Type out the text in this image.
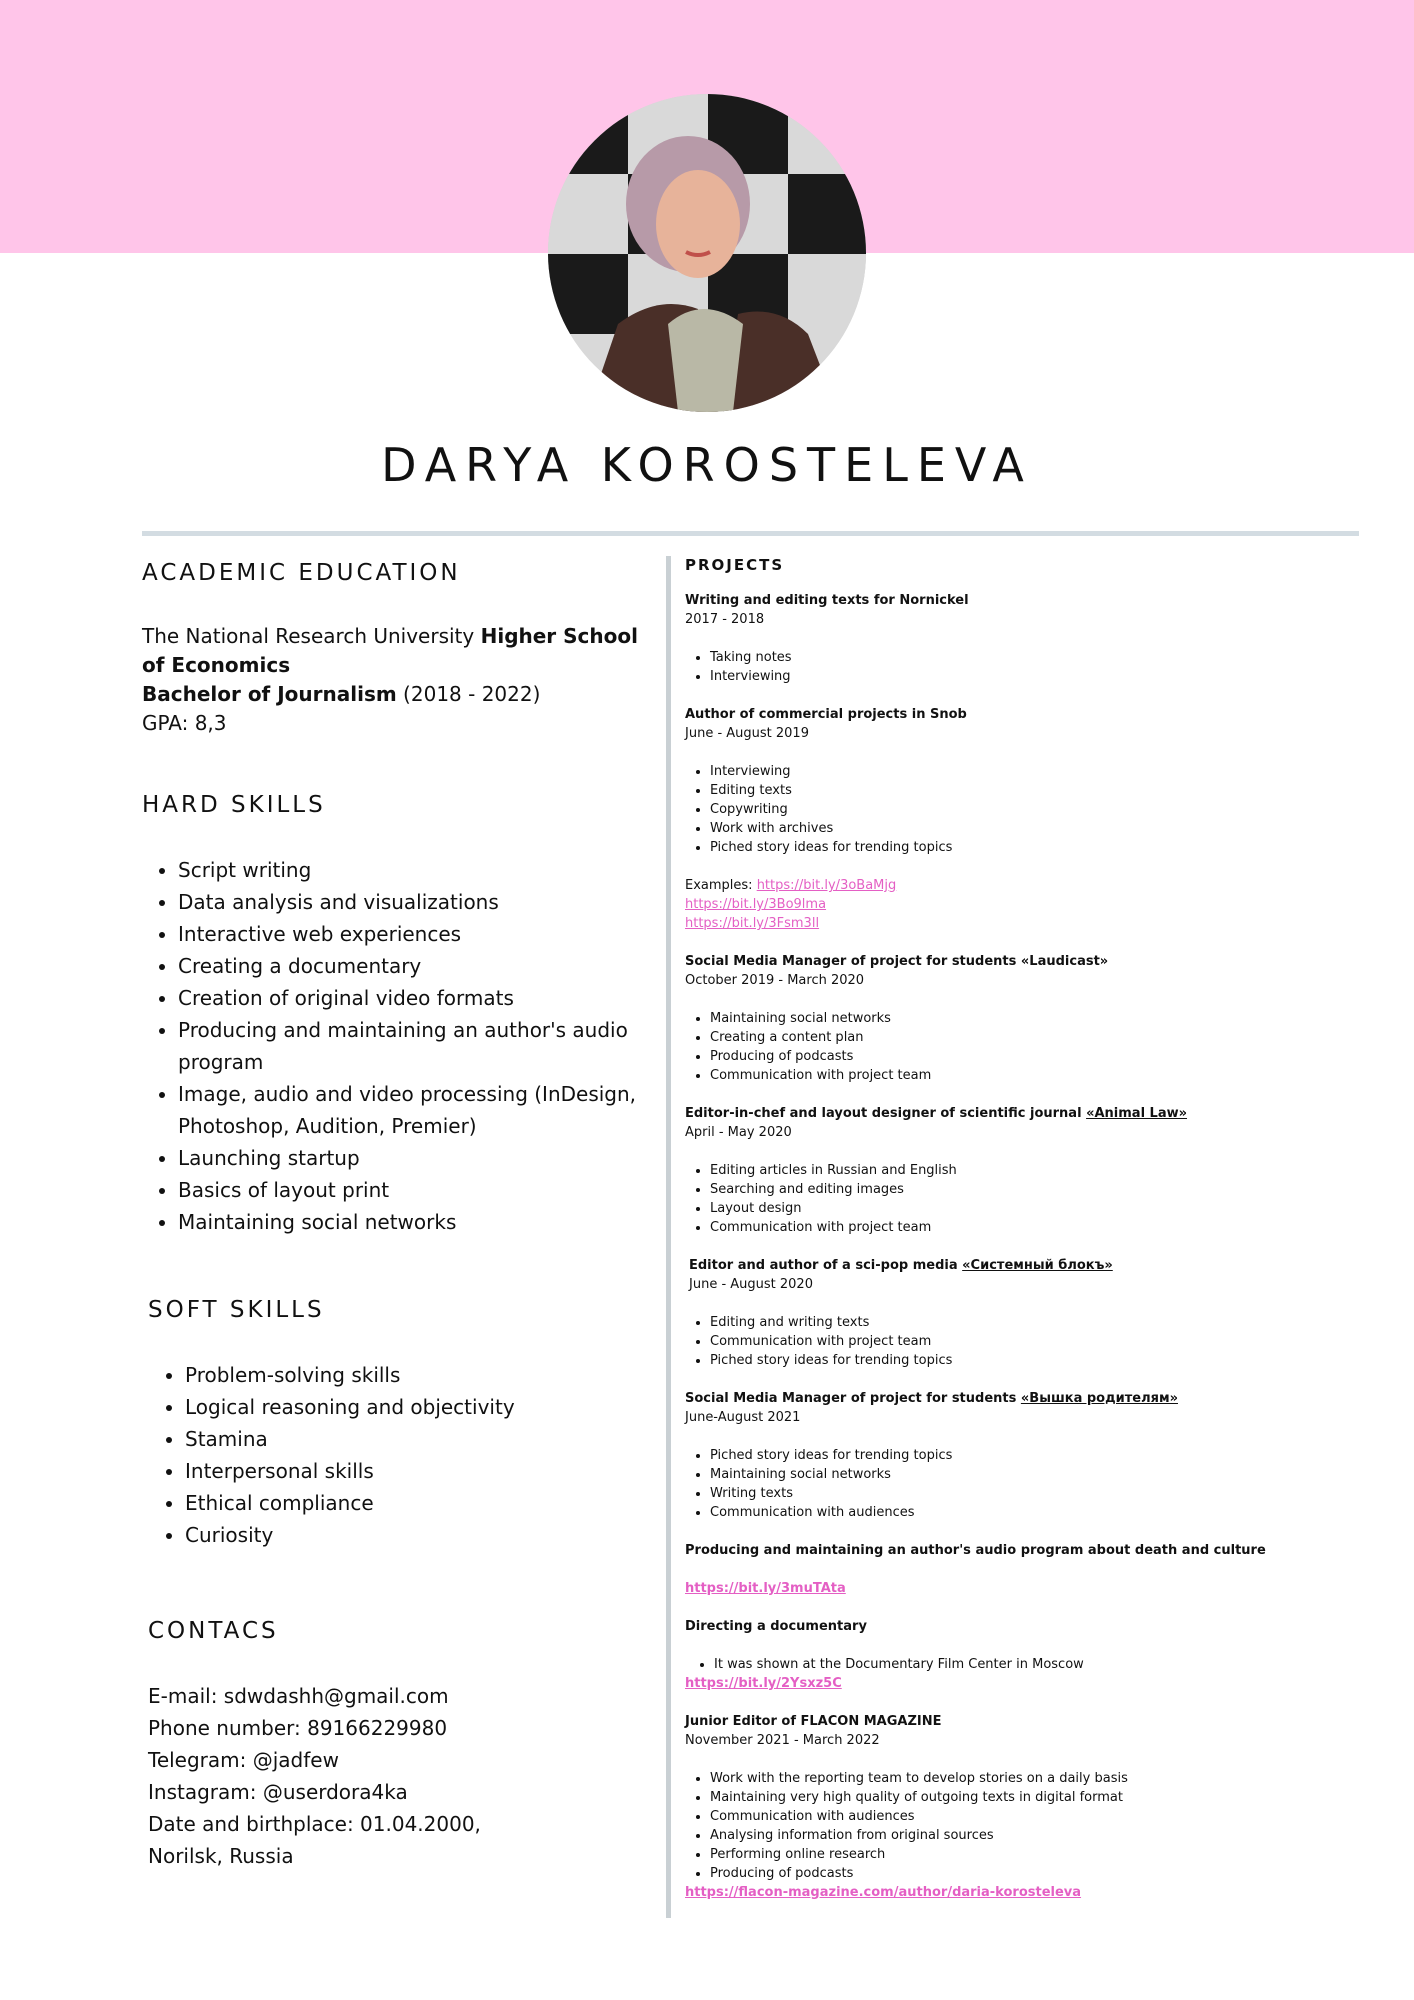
DARYA KOROSTELEVA
ACADEMIC EDUCATION
The National Research University Higher School of Economics
Bachelor of Journalism (2018 - 2022)
GPA: 8,3
HARD SKILLS
• Script writing
• Data analysis and visualizations
• Interactive web experiences
• Creating a documentary
• Creation of original video formats
• Producing and maintaining an author's audio program
• Image, audio and video processing (InDesign, Photoshop, Audition, Premier)
• Launching startup
• Basics of layout print
• Maintaining social networks
SOFT SKILLS
• Problem-solving skills
• Logical reasoning and objectivity
• Stamina
• Interpersonal skills
• Ethical compliance
• Curiosity
CONTACS
E-mail: sdwdashh@gmail.com
Phone number: 89166229980
Telegram: @jadfew
Instagram: @userdora4ka
Date and birthplace: 01.04.2000,
Norilsk, Russia
PROJECTS
Writing and editing texts for Nornickel
2017 - 2018
• Taking notes
• Interviewing
Author of commercial projects in Snob
June - August 2019
• Interviewing
• Editing texts
• Copywriting
• Work with archives
• Piched story ideas for trending topics
Examples: https://bit.ly/3oBaMjg
https://bit.ly/3Bo9lma
https://bit.ly/3Fsm3ll
Social Media Manager of project for students «Laudicast»
October 2019 - March 2020
• Maintaining social networks
• Creating a content plan
• Producing of podcasts
• Communication with project team
Editor-in-chef and layout designer of scientific journal «Animal Law»
April - May 2020
• Editing articles in Russian and English
• Searching and editing images
• Layout design
• Communication with project team
Editor and author of a sci-pop media «Системный блокъ»
June - August 2020
• Editing and writing texts
• Communication with project team
• Piched story ideas for trending topics
Social Media Manager of project for students «Вышка родителям»
June-August 2021
• Piched story ideas for trending topics
• Maintaining social networks
• Writing texts
• Communication with audiences
Producing and maintaining an author's audio program about death and culture
https://bit.ly/3muTAta
Directing a documentary
• It was shown at the Documentary Film Center in Moscow
https://bit.ly/2Ysxz5C
Junior Editor of FLACON MAGAZINE
November 2021 - March 2022
• Work with the reporting team to develop stories on a daily basis
• Maintaining very high quality of outgoing texts in digital format
• Communication with audiences
• Analysing information from original sources
• Performing online research
• Producing of podcasts
https://flacon-magazine.com/author/daria-korosteleva
